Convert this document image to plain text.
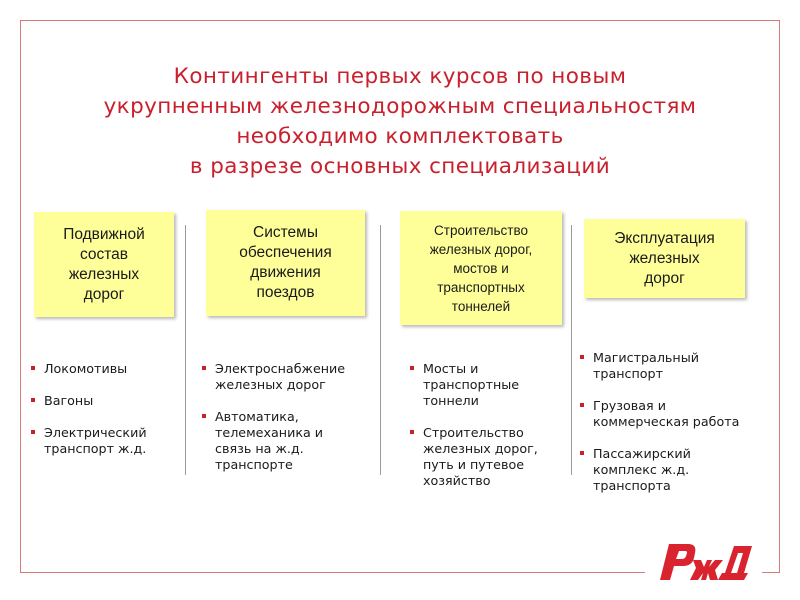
Контингенты первых курсов по новым
укрупненным железнодорожным специальностям
необходимо комплектовать
в разрезе основных специализаций
Подвижной
состав
железных
дорог
Системы
обеспечения
движения
поездов
Строительство
железных дорог,
мостов и
транспортных
тоннелей
Эксплуатация
железных
дорог
Локомотивы
Вагоны
Электрический
транспорт ж.д.
Электроснабжение
железных дорог
Автоматика,
телемеханика и
связь на ж.д.
транспорте
Мосты и
транспортные
тоннели
Строительство
железных дорог,
путь и путевое
хозяйство
Магистральный
транспорт
Грузовая и
коммерческая работа
Пассажирский
комплекс ж.д.
транспорта
